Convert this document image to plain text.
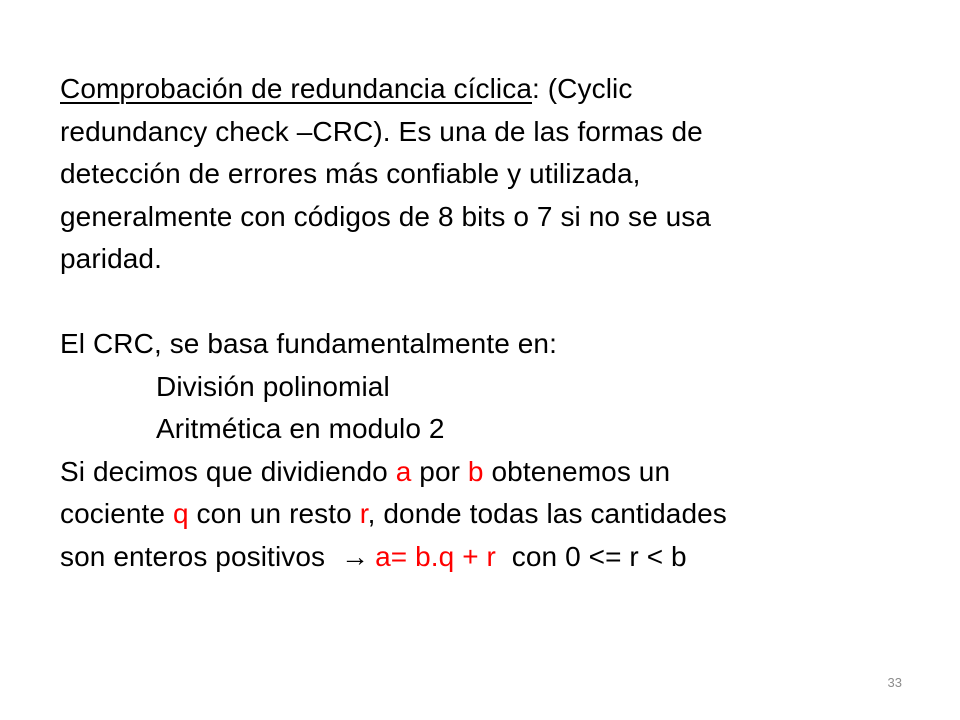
Comprobación de redundancia cíclica: (Cyclic
redundancy check –CRC). Es una de las formas de
detección de errores más confiable y utilizada,
generalmente con códigos de 8 bits o 7 si no se usa
paridad.
El CRC, se basa fundamentalmente en:
División polinomial
Aritmética en modulo 2
Si decimos que dividiendo a por b obtenemos un
cociente q con un resto r, donde todas las cantidades
son enteros positivos → a= b.q + r  con 0 <= r < b
33
